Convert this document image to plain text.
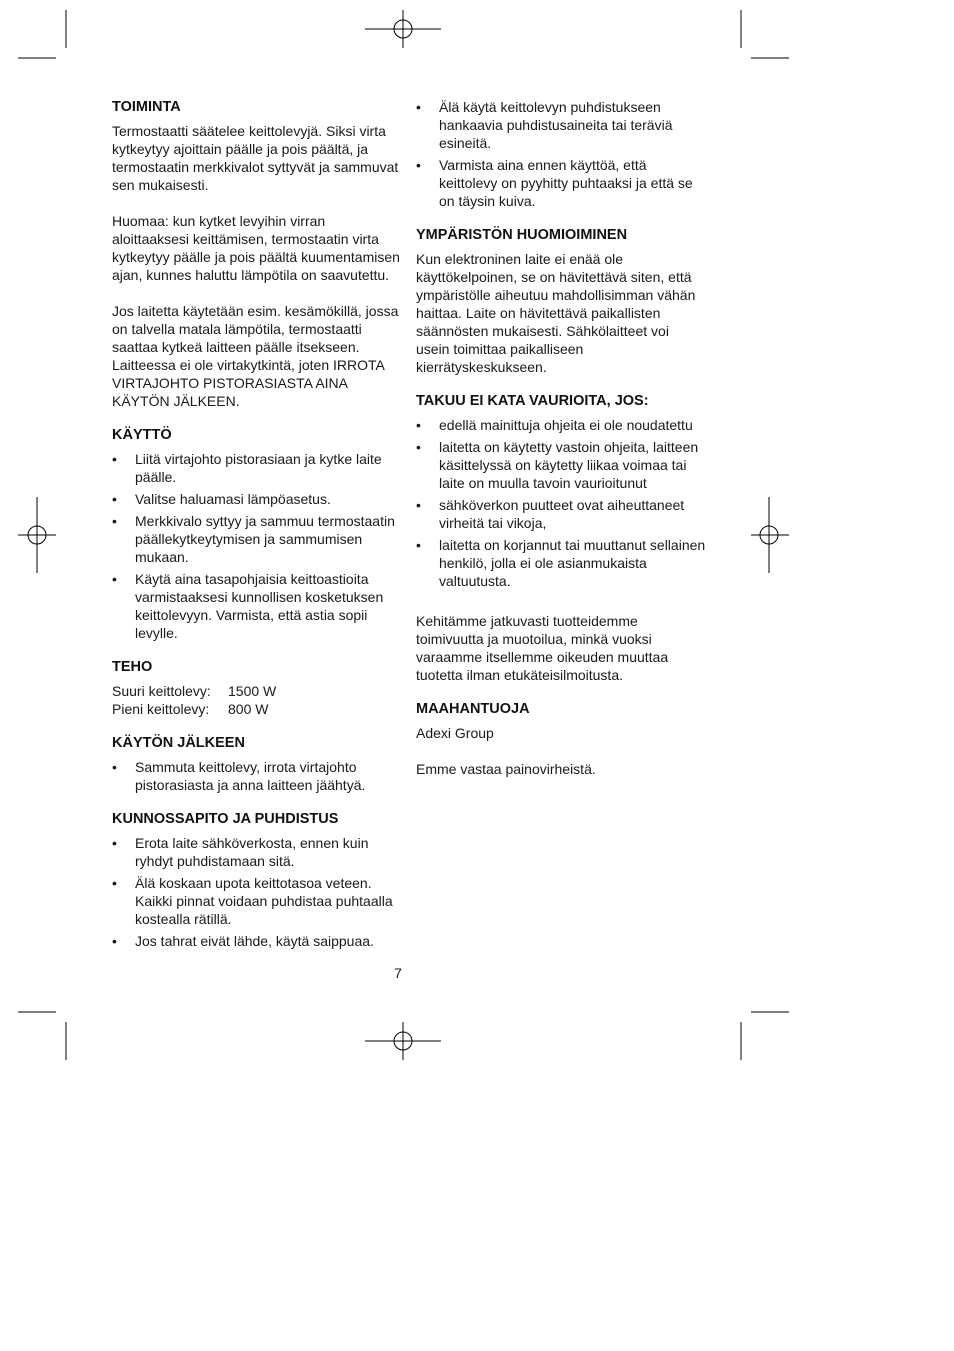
TOIMINTA

Termostaatti säätelee keittolevyjä. Siksi virta kytkeytyy ajoittain päälle ja pois päältä, ja termostaatin merkkivalot syttyvät ja sammuvat sen mukaisesti.

Huomaa: kun kytket levyihin virran aloittaaksesi keittämisen, termostaatin virta kytkeytyy päälle ja pois päältä kuumentamisen ajan, kunnes haluttu lämpötila on saavutettu.

Jos laitetta käytetään esim. kesämökillä, jossa on talvella matala lämpötila, termostaatti saattaa kytkeä laitteen päälle itsekseen. Laitteessa ei ole virtakytkintä, joten IRROTA VIRTAJOHTO PISTORASIASTA AINA KÄYTÖN JÄLKEEN.

KÄYTTÖ
• Liitä virtajohto pistorasiaan ja kytke laite päälle.
• Valitse haluamasi lämpöasetus.
• Merkkivalo syttyy ja sammuu termostaatin päällekytkeytymisen ja sammumisen mukaan.
• Käytä aina tasapohjaisia keittoastioita varmistaaksesi kunnollisen kosketuksen keittolevyyn. Varmista, että astia sopii levylle.
TEHO
Suuri keittolevy:	1500 W
Pieni keittolevy:	800 W
KÄYTÖN JÄLKEEN
• Sammuta keittolevy, irrota virtajohto pistorasiasta ja anna laitteen jäähtyä.
KUNNOSSAPITO JA PUHDISTUS
• Erota laite sähköverkosta, ennen kuin ryhdyt puhdistamaan sitä.
• Älä koskaan upota keittotasoa veteen. Kaikki pinnat voidaan puhdistaa puhtaalla kostealla rätillä.
• Jos tahrat eivät lähde, käytä saippuaa.
• Älä käytä keittolevyn puhdistukseen hankaavia puhdistusaineita tai teräviä esineitä.
• Varmista aina ennen käyttöä, että keittolevy on pyyhitty puhtaaksi ja että se on täysin kuiva.
YMPÄRISTÖN HUOMIOIMINEN

Kun elektroninen laite ei enää ole käyttökelpoinen, se on hävitettävä siten, että ympäristölle aiheutuu mahdollisimman vähän haittaa. Laite on hävitettävä paikallisten säännösten mukaisesti. Sähkölaitteet voi usein toimittaa paikalliseen kierrätyskeskukseen.

TAKUU EI KATA VAURIOITA, JOS:
• edellä mainittuja ohjeita ei ole noudatettu
• laitetta on käytetty vastoin ohjeita, laitteen käsittelyssä on käytetty liikaa voimaa tai laite on muulla tavoin vaurioitunut
• sähköverkon puutteet ovat aiheuttaneet virheitä tai vikoja,
• laitetta on korjannut tai muuttanut sellainen henkilö, jolla ei ole asianmukaista valtuutusta.

Kehitämme jatkuvasti tuotteidemme toimivuutta ja muotoilua, minkä vuoksi varaamme itsellemme oikeuden muuttaa tuotetta ilman etukäteisilmoitusta.

MAAHANTUOJA

Adexi Group

Emme vastaa painovirheistä.

7
